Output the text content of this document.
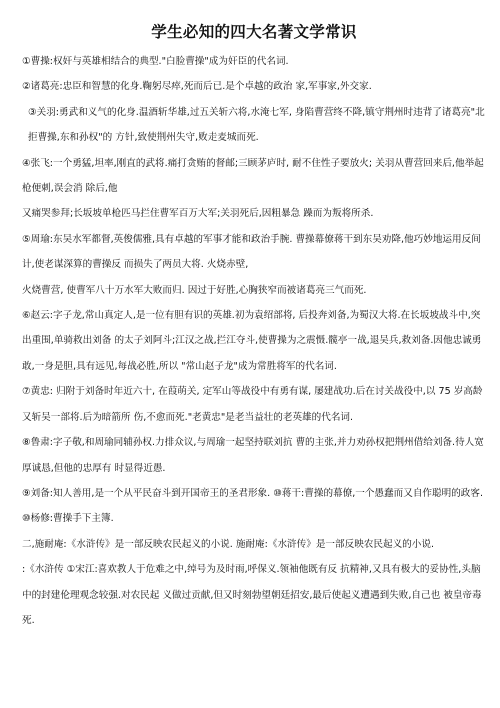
学生必知的四大名著文学常识

①曹操:权奸与英雄相结合的典型."白脸曹操"成为奸臣的代名词.

②诸葛亮:忠臣和智慧的化身.鞠躬尽瘁,死而后已.是个卓越的政治 家,军事家,外交家.

③关羽:勇武和义气的化身.温酒斩华雄,过五关斩六将,水淹七军, 身陷曹营终不降,镇守荆州时违背了诸葛亮"北拒曹操,东和孙权"的 方针,致使荆州失守,败走麦城而死.

④张飞:一个勇猛,坦率,刚直的武将.痛打贪贿的督邮;三顾茅庐时, 耐不住性子要放火; 关羽从曹营回来后,他举起枪便刺,误会消 除后,他

又痛哭参拜;长坂坡单枪匹马拦住曹军百万大军;关羽死后,因粗暴急 躁而为叛将所杀.

⑤周瑜:东吴水军都督,英俊儒雅,具有卓越的军事才能和政治手腕. 曹操幕僚蒋干到东吴劝降,他巧妙地运用反间计,使老谋深算的曹操反 而损失了两员大将. 火烧赤壁,

火烧曹营, 使曹军八十万水军大败而归. 因过于好胜,心胸狭窄而被诸葛亮三气而死.

⑥赵云:字子龙,常山真定人,是一位有胆有识的英雄.初为袁绍部将, 后投奔刘备,为蜀汉大将.在长坂坡战斗中,突出重围,单骑救出刘备 的太子刘阿斗;江汉之战,拦江夺斗,使曹操为之震慑.髋亭一战,退吴兵,救刘备.因他忠诚勇敢,一身是胆,具有远见,每战必胜,所以 "常山赵子龙"成为常胜将军的代名词.

⑦黄忠: 归附于刘备时年近六十, 在葭萌关, 定军山等战役中有勇有谋, 屡建战功.后在讨关战役中,以 75 岁高龄又斩吴一部将.后为暗箭所 伤,不愈而死."老黄忠"是老当益壮的老英雄的代名词.

⑧鲁肃:字子敬,和周瑜同辅孙权.力排众议,与周瑜一起坚持联刘抗 曹的主张,并力劝孙权把荆州借给刘备.待人宽厚诚恳,但他的忠厚有 时显得近愚.

⑨刘备:知人善用,是一个从平民奋斗到开国帝王的圣君形象. ⑩蒋干:曹操的幕僚,一个愚蠢而又自作聪明的政客.

⑩杨修:曹操手下主簿.

二,施耐庵:《水浒传》是一部反映农民起义的小说. 施耐庵:《水浒传》是一部反映农民起义的小说.

:《水浒传 ①宋江:喜欢教人于危难之中,绰号为及时雨,呼保义.领袖他既有反 抗精神,又具有极大的妥协性,头脑中的封建伦理观念较强.对农民起 义做过贡献,但又时刻勃望朝廷招安,最后使起义遭遇到失败,自己也 被皇帝毒死.
